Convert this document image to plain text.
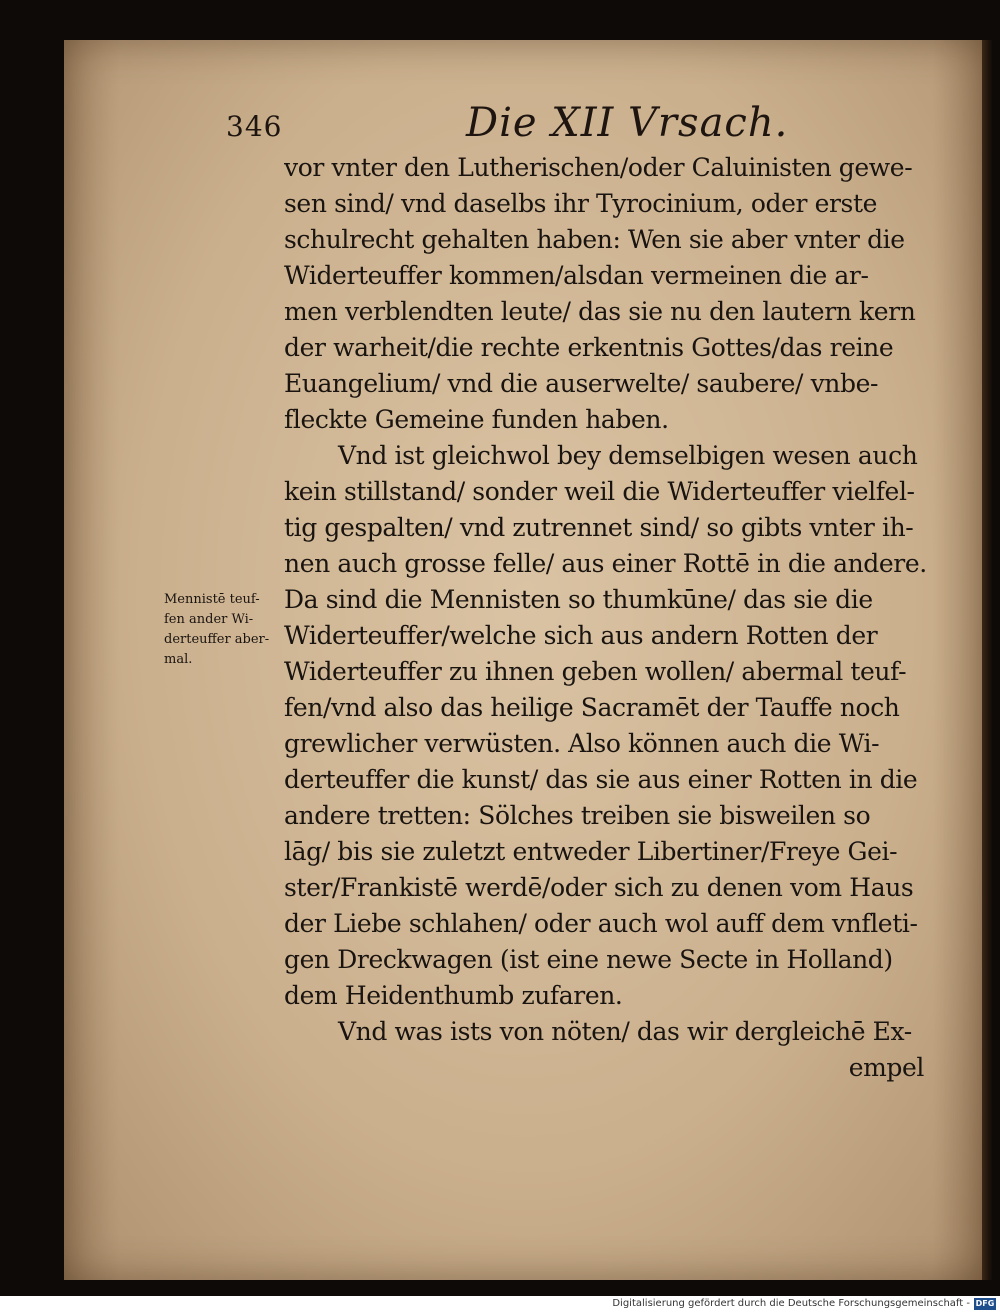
346	Die XII Vrsach.
vor vnter den Lutherischen/oder Caluinisten gewe-
sen sind/ vnd daselbs ihr Tyrocinium, oder erste
schulrecht gehalten haben: Wen sie aber vnter die
Widerteuffer kommen/alsdan vermeinen die ar-
men verblendten leute/ das sie nu den lautern kern
der warheit/die rechte erkentnis Gottes/das reine
Euangelium/ vnd die auserwelte/ saubere/ vnbe-
fleckte Gemeine funden haben.
Vnd ist gleichwol bey demselbigen wesen auch
kein stillstand/ sonder weil die Widerteuffer vielfel-
tig gespalten/ vnd zutrennet sind/ so gibts vnter ih-
nen auch grosse felle/ aus einer Rottē in die andere.
Da sind die Mennisten so thumkūne/ das sie die
Widerteuffer/welche sich aus andern Rotten der
Widerteuffer zu ihnen geben wollen/ abermal teuf-
fen/vnd also das heilige Sacramēt der Tauffe noch
grewlicher verwüsten. Also können auch die Wi-
derteuffer die kunst/ das sie aus einer Rotten in die
andere tretten: Sölches treiben sie bisweilen so
lāg/ bis sie zuletzt entweder Libertiner/Freye Gei-
ster/Frankistē werdē/oder sich zu denen vom Haus
der Liebe schlahen/ oder auch wol auff dem vnfleti-
gen Dreckwagen (ist eine newe Secte in Holland)
dem Heidenthumb zufaren.
Vnd was ists von nöten/ das wir dergleichē Ex-
empel
Mennistē teuf-
fen ander Wi-
derteuffer aber-
mal.
Digitalisierung gefördert durch die Deutsche Forschungsgemeinschaft - DFG
